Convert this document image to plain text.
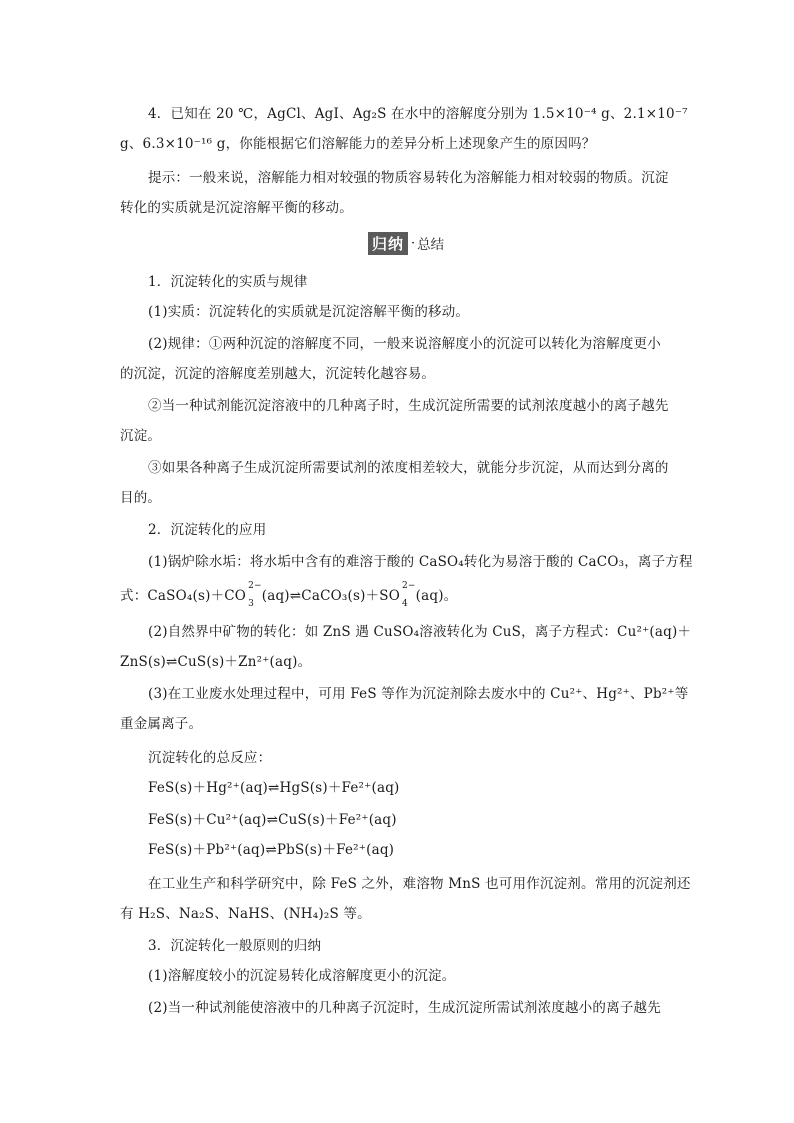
4．已知在 20 ℃，AgCl、AgI、Ag₂S 在水中的溶解度分别为 1.5×10⁻⁴ g、2.1×10⁻⁷
g、6.3×10⁻¹⁶ g，你能根据它们溶解能力的差异分析上述现象产生的原因吗？
提示：一般来说，溶解能力相对较强的物质容易转化为溶解能力相对较弱的物质。沉淀
转化的实质就是沉淀溶解平衡的移动。
归纳 · 总结
1．沉淀转化的实质与规律
(1)实质：沉淀转化的实质就是沉淀溶解平衡的移动。
(2)规律：①两种沉淀的溶解度不同，一般来说溶解度小的沉淀可以转化为溶解度更小
的沉淀，沉淀的溶解度差别越大，沉淀转化越容易。
②当一种试剂能沉淀溶液中的几种离子时，生成沉淀所需要的试剂浓度越小的离子越先
沉淀。
③如果各种离子生成沉淀所需要试剂的浓度相差较大，就能分步沉淀，从而达到分离的
目的。
2．沉淀转化的应用
(1)锅炉除水垢：将水垢中含有的难溶于酸的 CaSO₄转化为易溶于酸的 CaCO₃，离子方程
式：CaSO₄(s)＋CO
2−
3 (aq)⇌CaCO₃(s)＋SO
2−
4 (aq)。
(2)自然界中矿物的转化：如 ZnS 遇 CuSO₄溶液转化为 CuS，离子方程式：Cu²⁺(aq)＋
ZnS(s)⇌CuS(s)＋Zn²⁺(aq)。
(3)在工业废水处理过程中，可用 FeS 等作为沉淀剂除去废水中的 Cu²⁺、Hg²⁺、Pb²⁺等
重金属离子。
沉淀转化的总反应：
FeS(s)＋Hg²⁺(aq)⇌HgS(s)＋Fe²⁺(aq)
FeS(s)＋Cu²⁺(aq)⇌CuS(s)＋Fe²⁺(aq)
FeS(s)＋Pb²⁺(aq)⇌PbS(s)＋Fe²⁺(aq)
在工业生产和科学研究中，除 FeS 之外，难溶物 MnS 也可用作沉淀剂。常用的沉淀剂还
有 H₂S、Na₂S、NaHS、(NH₄)₂S 等。
3．沉淀转化一般原则的归纳
(1)溶解度较小的沉淀易转化成溶解度更小的沉淀。
(2)当一种试剂能使溶液中的几种离子沉淀时，生成沉淀所需试剂浓度越小的离子越先
